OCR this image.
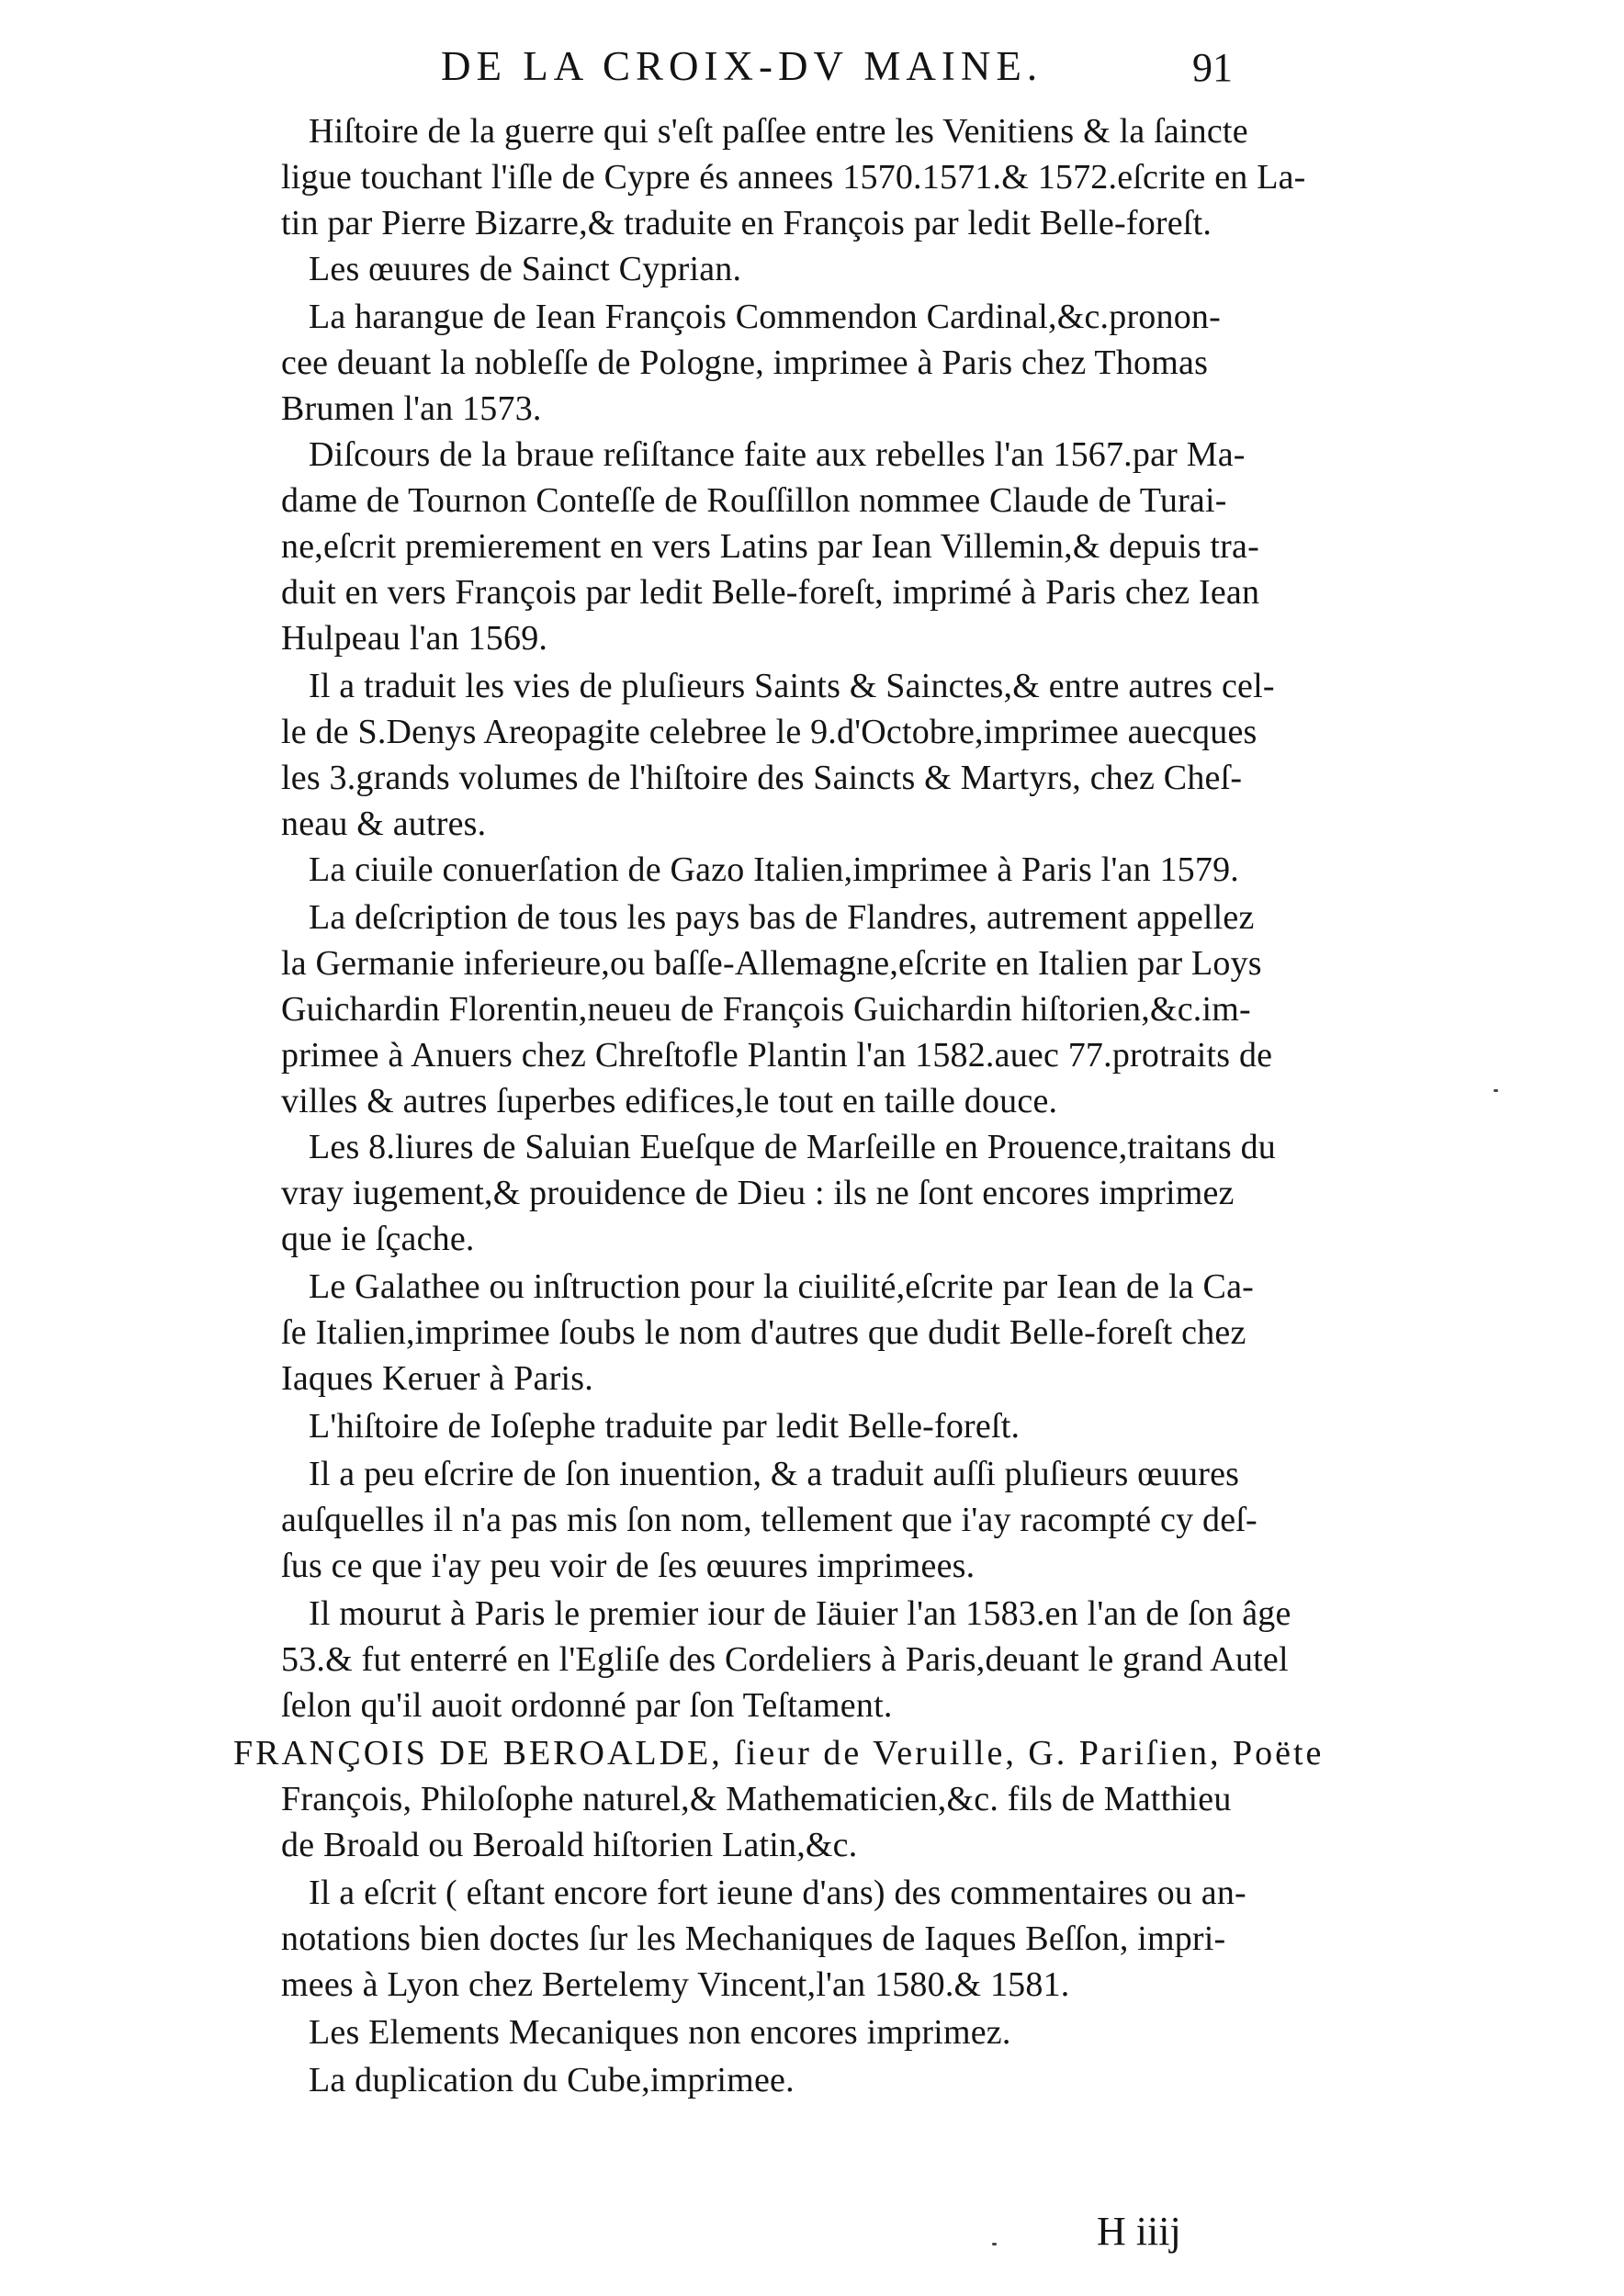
DE LA CROIX-DV MAINE.	91
Hiſtoire de la guerre qui s'eſt paſſee entre les Venitiens & la ſaincte
ligue touchant l'iſle de Cypre és annees 1570.1571.& 1572.eſcrite en La-
tin par Pierre Bizarre,& traduite en François par ledit Belle-foreſt.
Les œuures de Sainct Cyprian.
La harangue de Iean François Commendon Cardinal,&c.pronon-
cee deuant la nobleſſe de Pologne, imprimee à Paris chez Thomas
Brumen l'an 1573.
Diſcours de la braue reſiſtance faite aux rebelles l'an 1567.par Ma-
dame de Tournon Conteſſe de Rouſſillon nommee Claude de Turai-
ne,eſcrit premierement en vers Latins par Iean Villemin,& depuis tra-
duit en vers François par ledit Belle-foreſt, imprimé à Paris chez Iean
Hulpeau l'an 1569.
Il a traduit les vies de pluſieurs Saints & Sainctes,& entre autres cel-
le de S.Denys Areopagite celebree le 9.d'Octobre,imprimee auecques
les 3.grands volumes de l'hiſtoire des Saincts & Martyrs, chez Cheſ-
neau & autres.
La ciuile conuerſation de Gazo Italien,imprimee à Paris l'an 1579.
La deſcription de tous les pays bas de Flandres, autrement appellez
la Germanie inferieure,ou baſſe-Allemagne,eſcrite en Italien par Loys
Guichardin Florentin,neueu de François Guichardin hiſtorien,&c.im-
primee à Anuers chez Chreſtofle Plantin l'an 1582.auec 77.protraits de
villes & autres ſuperbes edifices,le tout en taille douce.
Les 8.liures de Saluian Eueſque de Marſeille en Prouence,traitans du
vray iugement,& prouidence de Dieu : ils ne ſont encores imprimez
que ie ſçache.
Le Galathee ou inſtruction pour la ciuilité,eſcrite par Iean de la Ca-
ſe Italien,imprimee ſoubs le nom d'autres que dudit Belle-foreſt chez
Iaques Keruer à Paris.
L'hiſtoire de Ioſephe traduite par ledit Belle-foreſt.
Il a peu eſcrire de ſon inuention, & a traduit auſſi pluſieurs œuures
auſquelles il n'a pas mis ſon nom, tellement que i'ay racompté cy deſ-
ſus ce que i'ay peu voir de ſes œuures imprimees.
Il mourut à Paris le premier iour de Iäuier l'an 1583.en l'an de ſon âge
53.& fut enterré en l'Egliſe des Cordeliers à Paris,deuant le grand Autel
ſelon qu'il auoit ordonné par ſon Teſtament.
FRANÇOIS DE BEROALDE, ſieur de Veruille, G. Pariſien, Poëte
François, Philoſophe naturel,& Mathematicien,&c. fils de Matthieu
de Broald ou Beroald hiſtorien Latin,&c.
Il a eſcrit ( eſtant encore fort ieune d'ans) des commentaires ou an-
notations bien doctes ſur les Mechaniques de Iaques Beſſon, impri-
mees à Lyon chez Bertelemy Vincent,l'an 1580.& 1581.
Les Elements Mecaniques non encores imprimez.
La duplication du Cube,imprimee.
H iiij
